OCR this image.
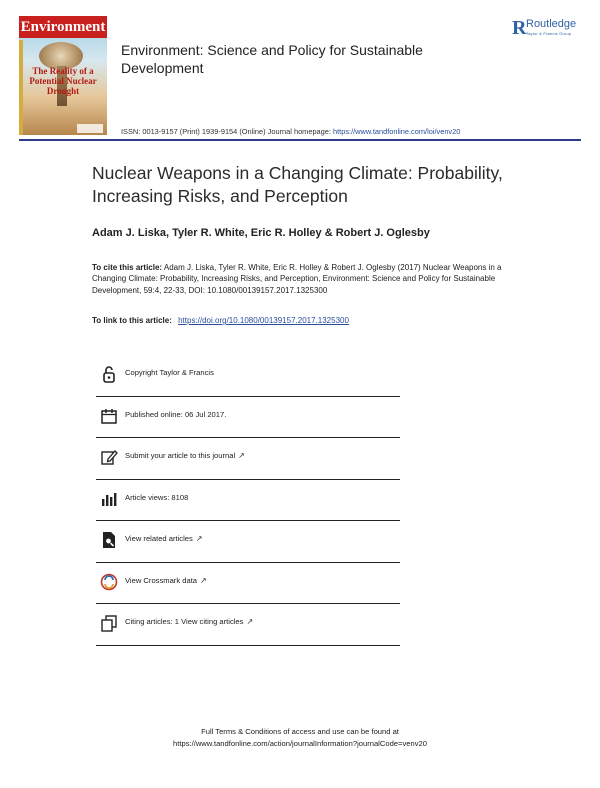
Environment
The Reality of a Potential Nuclear Drought
Environment: Science and Policy for Sustainable Development
R Routledge
Taylor & Francis Group
ISSN: 0013-9157 (Print) 1939-9154 (Online) Journal homepage: https://www.tandfonline.com/loi/venv20
Nuclear Weapons in a Changing Climate: Probability, Increasing Risks, and Perception
Adam J. Liska, Tyler R. White, Eric R. Holley & Robert J. Oglesby
To cite this article: Adam J. Liska, Tyler R. White, Eric R. Holley & Robert J. Oglesby (2017) Nuclear Weapons in a Changing Climate: Probability, Increasing Risks, and Perception, Environment: Science and Policy for Sustainable Development, 59:4, 22-33, DOI: 10.1080/00139157.2017.1325300
To link to this article: https://doi.org/10.1080/00139157.2017.1325300
Copyright Taylor & Francis
Published online: 06 Jul 2017.
Submit your article to this journal ↗
Article views: 8108
View related articles ↗
View Crossmark data ↗
Citing articles: 1 View citing articles ↗
Full Terms & Conditions of access and use can be found at
https://www.tandfonline.com/action/journalInformation?journalCode=venv20
